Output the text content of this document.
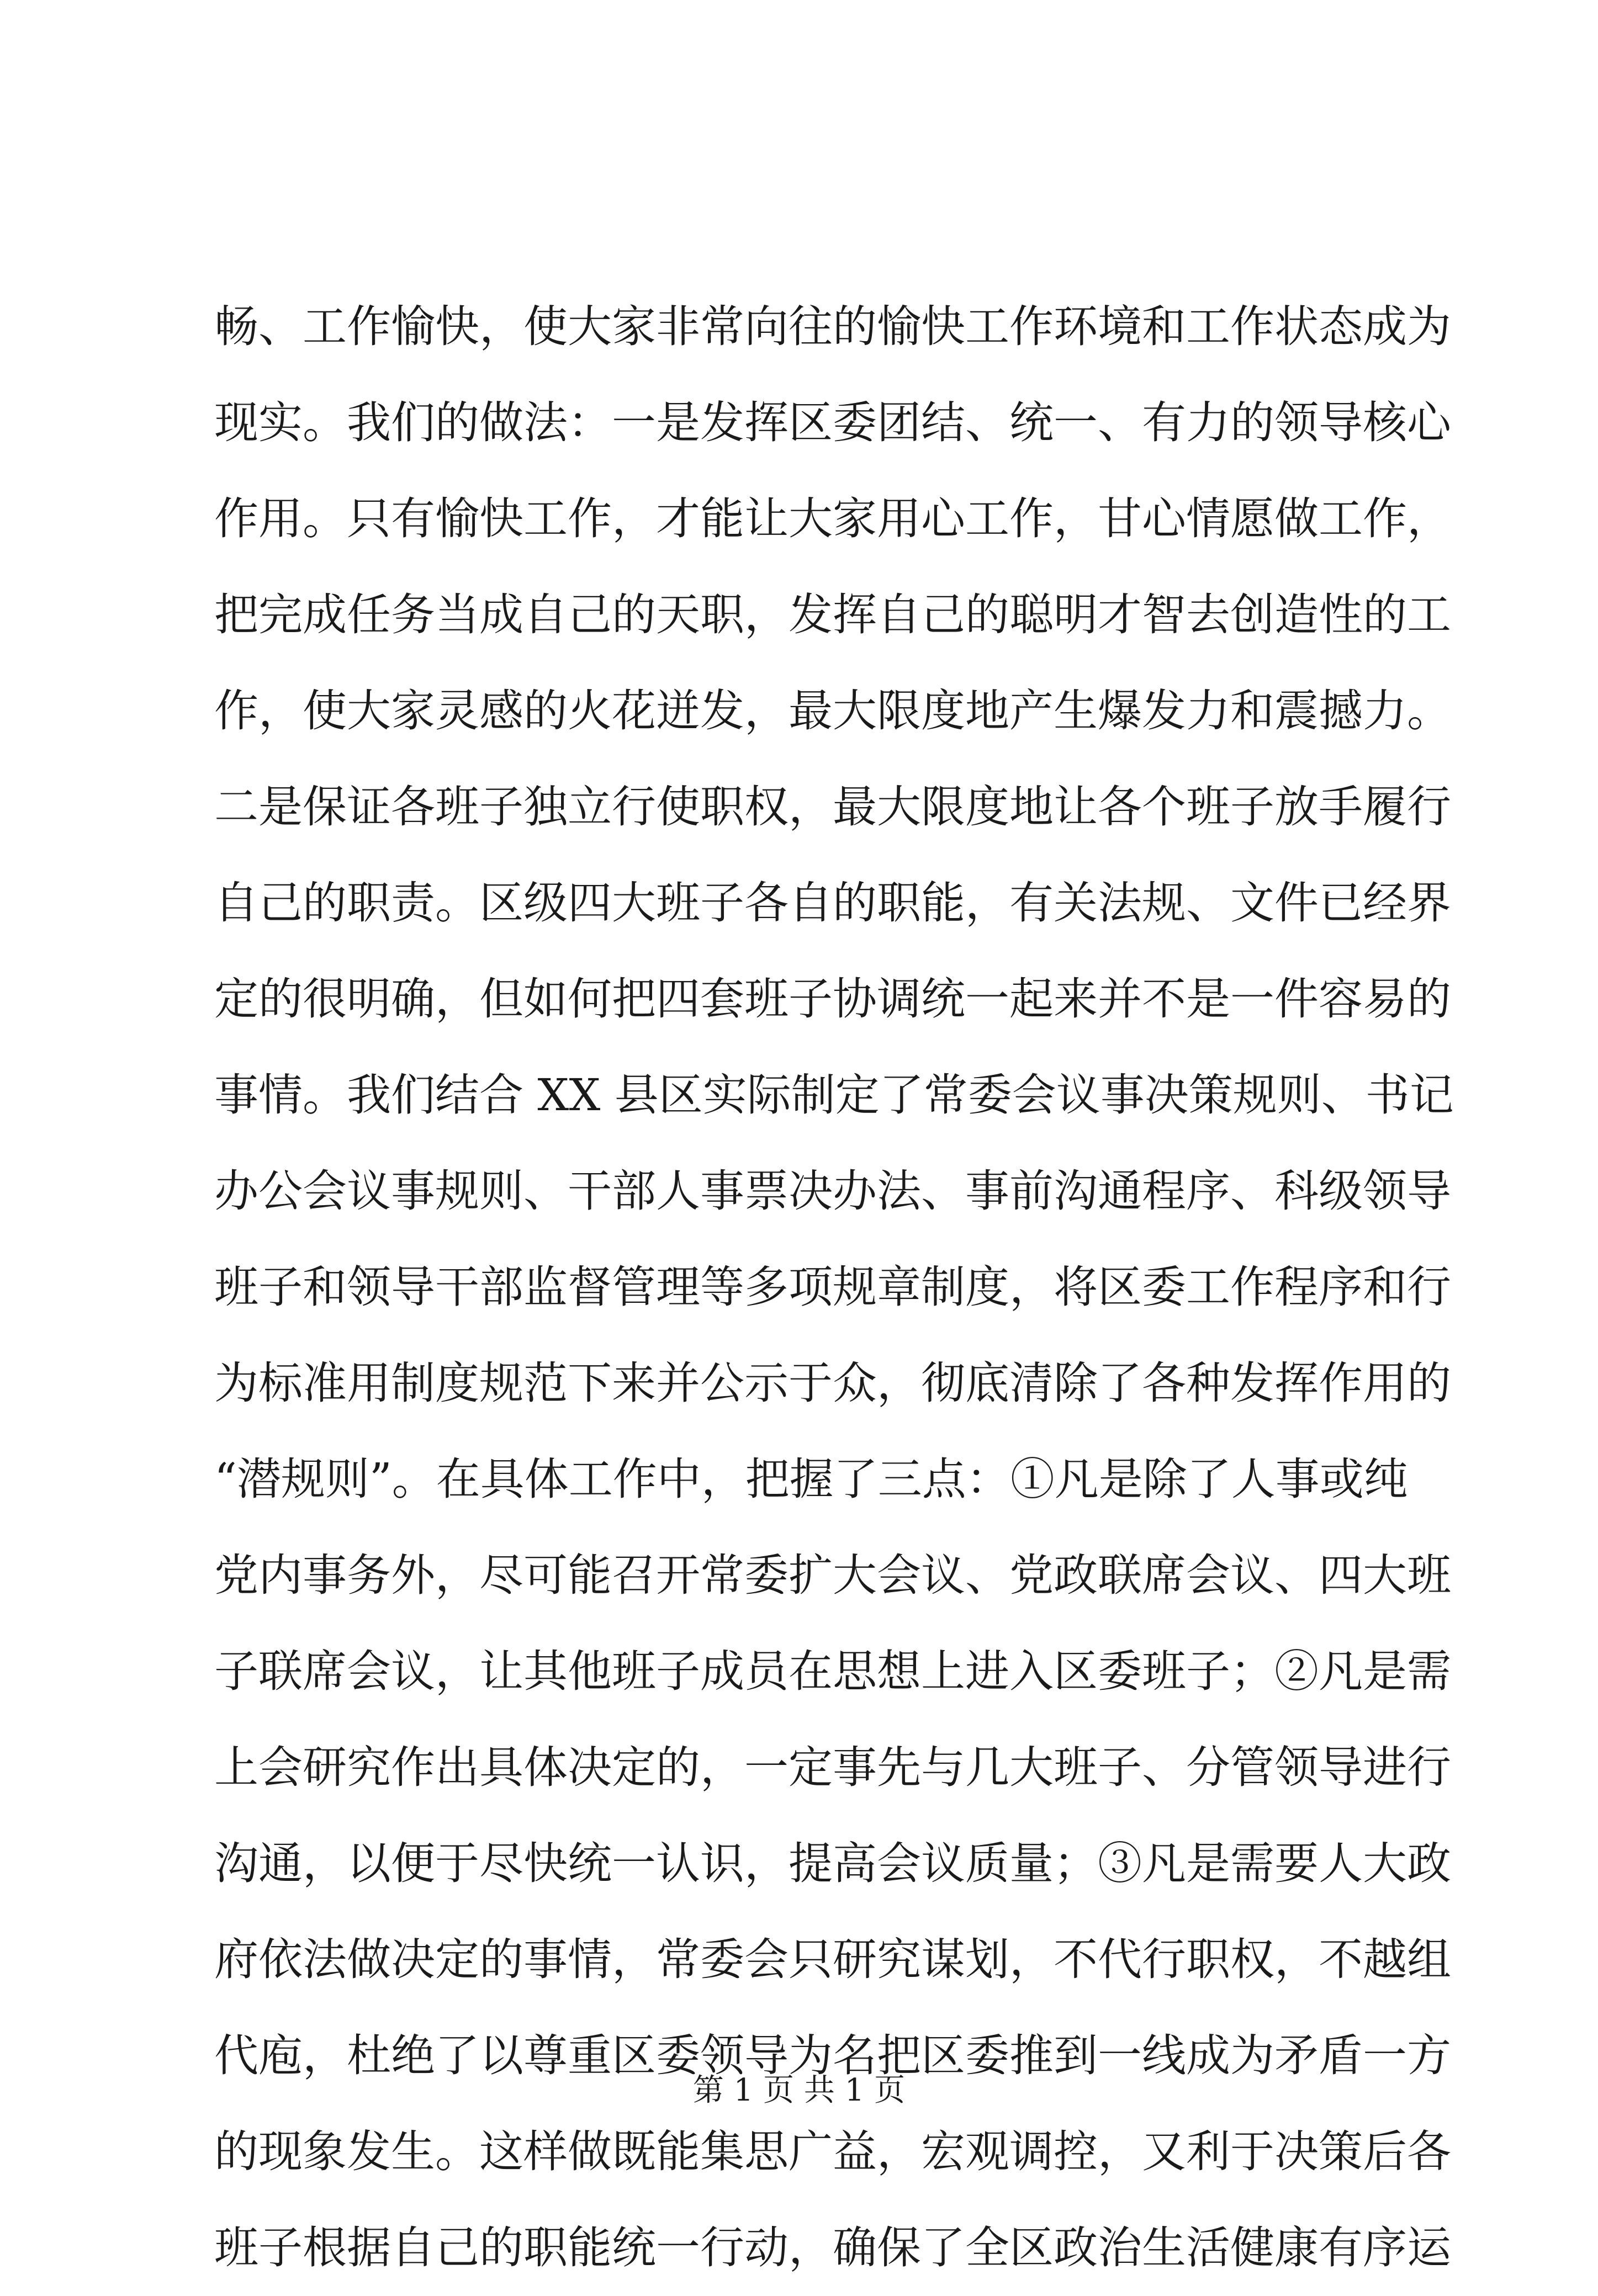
畅、工作愉快，使大家非常向往的愉快工作环境和工作状态成为
现实。我们的做法：一是发挥区委团结、统一、有力的领导核心
作用。只有愉快工作，才能让大家用心工作，甘心情愿做工作，
把完成任务当成自己的天职，发挥自己的聪明才智去创造性的工
作，使大家灵感的火花迸发，最大限度地产生爆发力和震撼力。
二是保证各班子独立行使职权，最大限度地让各个班子放手履行
自己的职责。区级四大班子各自的职能，有关法规、文件已经界
定的很明确，但如何把四套班子协调统一起来并不是一件容易的
事情。我们结合 XX 县区实际制定了常委会议事决策规则、书记
办公会议事规则、干部人事票决办法、事前沟通程序、科级领导
班子和领导干部监督管理等多项规章制度，将区委工作程序和行
为标准用制度规范下来并公示于众，彻底清除了各种发挥作用的
“潜规则”。在具体工作中，把握了三点：①凡是除了人事或纯
党内事务外，尽可能召开常委扩大会议、党政联席会议、四大班
子联席会议，让其他班子成员在思想上进入区委班子；②凡是需
上会研究作出具体决定的，一定事先与几大班子、分管领导进行
沟通，以便于尽快统一认识，提高会议质量；③凡是需要人大政
府依法做决定的事情，常委会只研究谋划，不代行职权，不越组
代庖，杜绝了以尊重区委领导为名把区委推到一线成为矛盾一方
的现象发生。这样做既能集思广益，宏观调控，又利于决策后各
班子根据自己的职能统一行动，确保了全区政治生活健康有序运
第 1 页 共 1 页
